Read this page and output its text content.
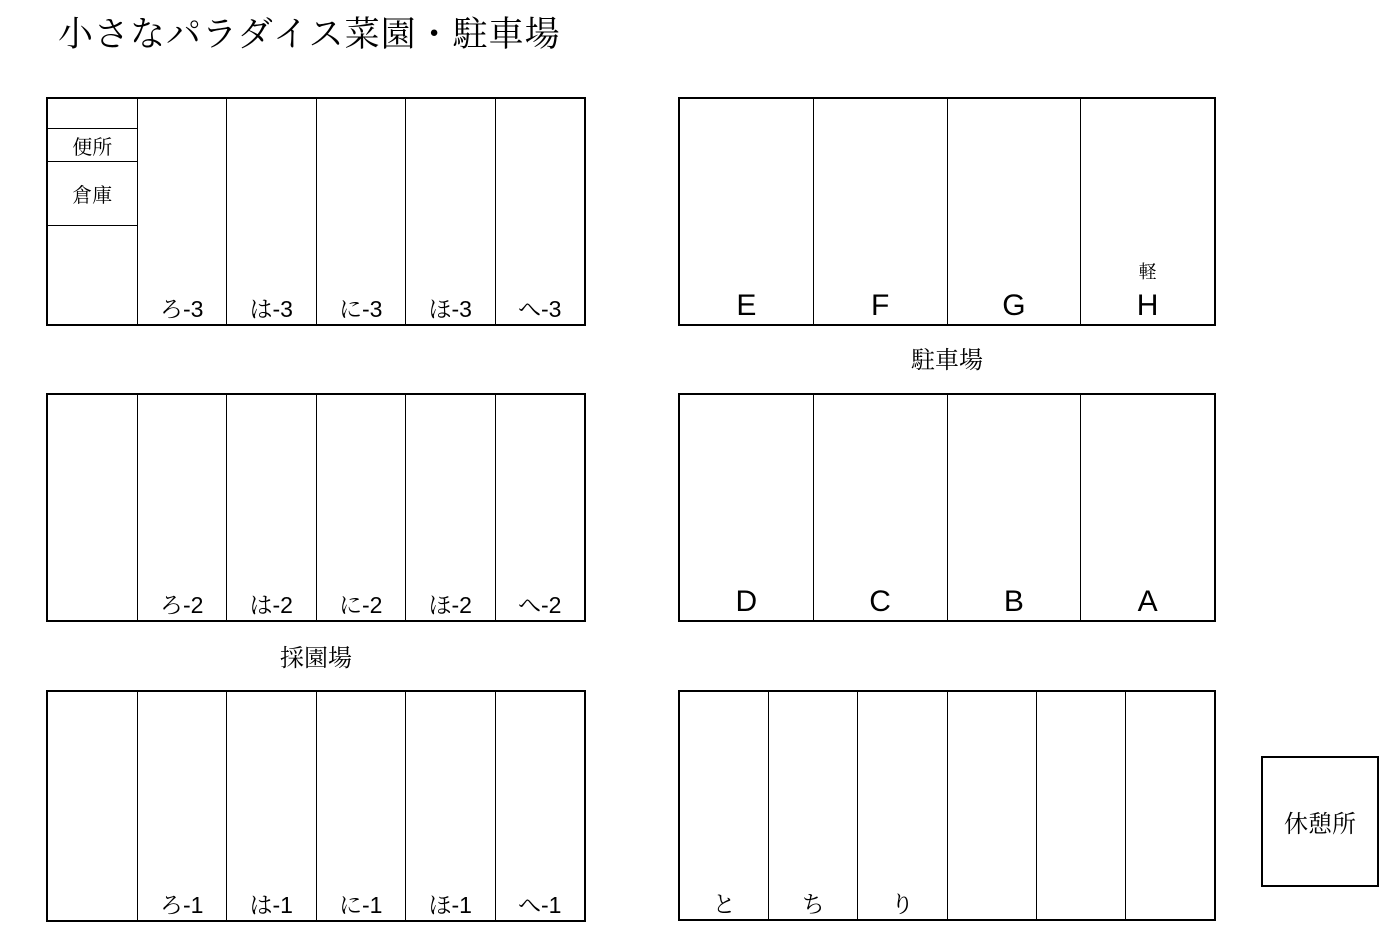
小さなパラダイス菜園・駐車場
便所
倉庫
ろ-3 は-3 に-3 ほ-3 へ-3
ろ-2 は-2 に-2 ほ-2 へ-2
採園場
ろ-1 は-1 に-1 ほ-1 へ-1
E	F	G
軽
H
駐車場
D	C	B	A
と	ち	り
休憩所
